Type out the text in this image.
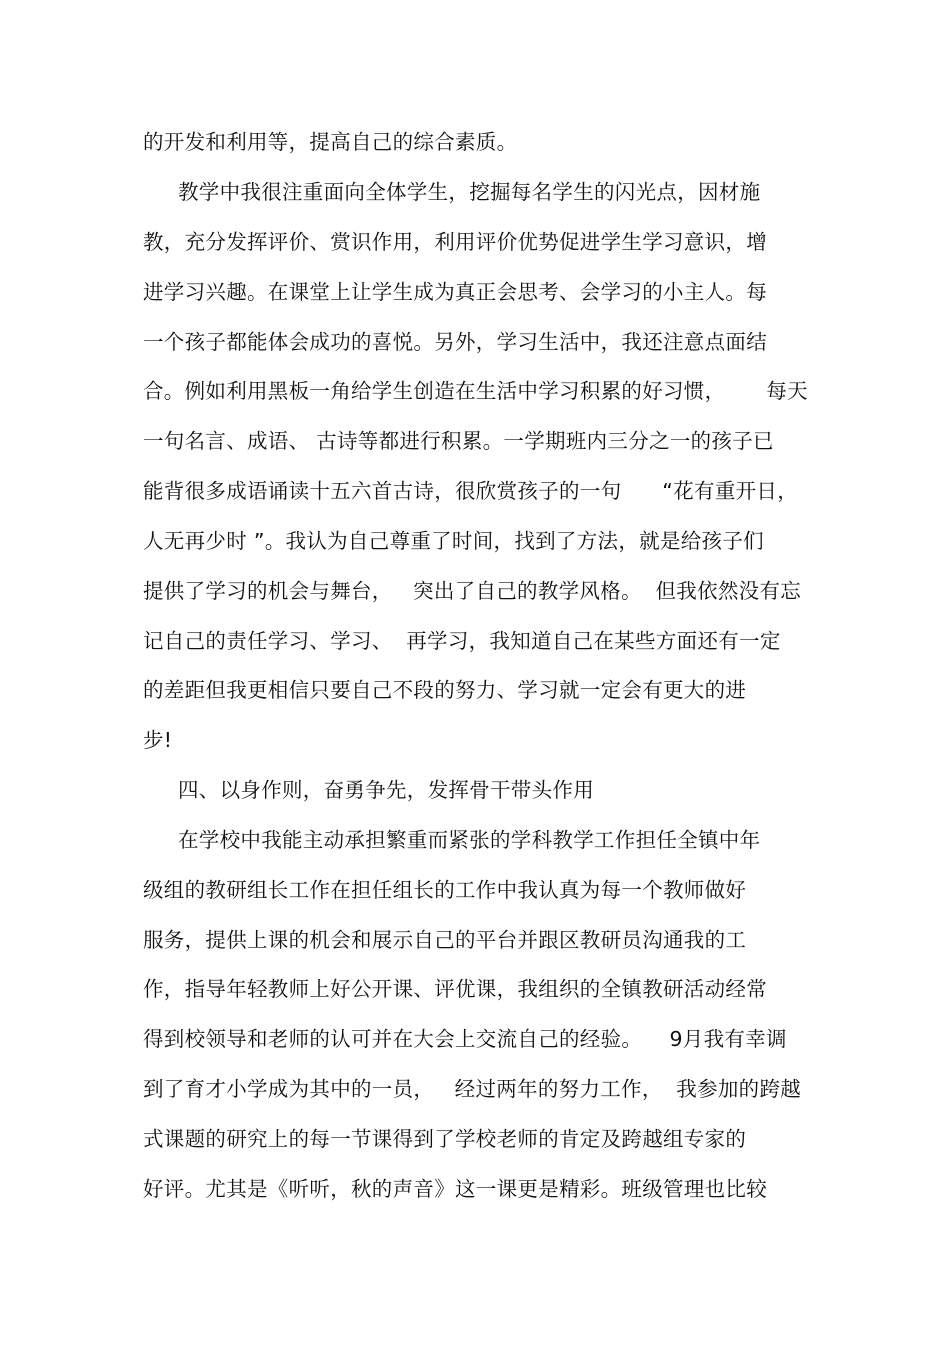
的开发和利用等，提高自己的综合素质。
教学中我很注重面向全体学生，挖掘每名学生的闪光点，因材施
教，充分发挥评价、赏识作用，利用评价优势促进学生学习意识，增
进学习兴趣。在课堂上让学生成为真正会思考、会学习的小主人。每
一个孩子都能体会成功的喜悦。另外，学习生活中，我还注意点面结
合。例如利用黑板一角给学生创造在生活中学习积累的好习惯，      每天
一句名言、成语、 古诗等都进行积累。一学期班内三分之一的孩子已
能背很多成语诵读十五六首古诗，很欣赏孩子的一句      “花有重开日，
人无再少时 ”。我认为自己尊重了时间，找到了方法，就是给孩子们
提供了学习的机会与舞台，   突出了自己的教学风格。  但我依然没有忘
记自己的责任学习、学习、  再学习，我知道自己在某些方面还有一定
的差距但我更相信只要自己不段的努力、学习就一定会有更大的进
步!
四、以身作则，奋勇争先，发挥骨干带头作用
在学校中我能主动承担繁重而紧张的学科教学工作担任全镇中年
级组的教研组长工作在担任组长的工作中我认真为每一个教师做好
服务，提供上课的机会和展示自己的平台并跟区教研员沟通我的工
作，指导年轻教师上好公开课、评优课，我组织的全镇教研活动经常
得到校领导和老师的认可并在大会上交流自己的经验。    9月我有幸调
到了育才小学成为其中的一员，   经过两年的努力工作，  我参加的跨越
式课题的研究上的每一节课得到了学校老师的肯定及跨越组专家的
好评。尤其是《听听，秋的声音》这一课更是精彩。班级管理也比较
